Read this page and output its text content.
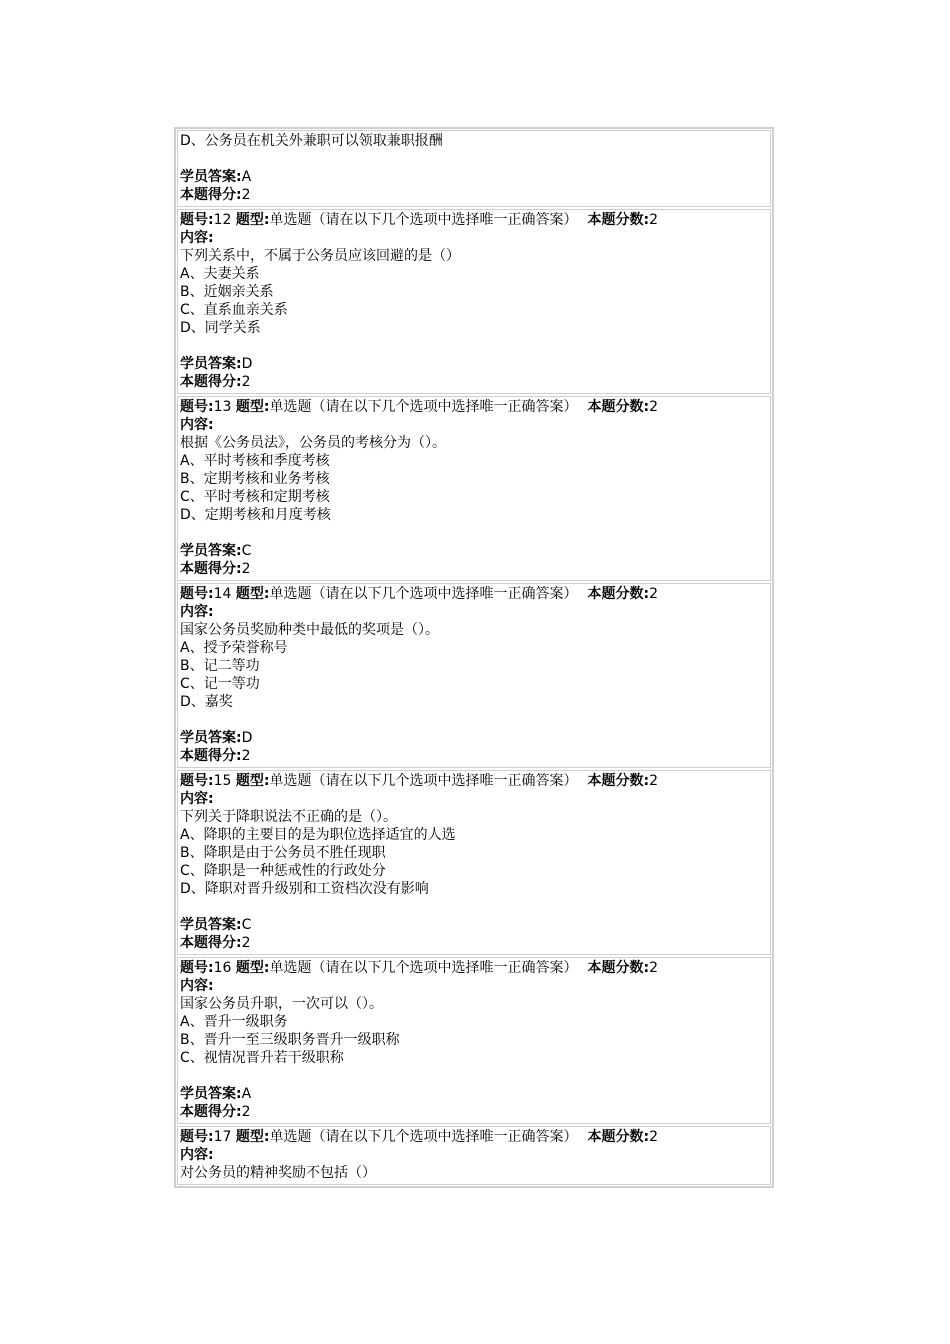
D、公务员在机关外兼职可以领取兼职报酬
学员答案:A
本题得分:2
题号:12 题型:单选题（请在以下几个选项中选择唯一正确答案） 本题分数:2
内容:
下列关系中，不属于公务员应该回避的是（）
A、夫妻关系
B、近姻亲关系
C、直系血亲关系
D、同学关系
学员答案:D
本题得分:2
题号:13 题型:单选题（请在以下几个选项中选择唯一正确答案） 本题分数:2
内容:
根据《公务员法》，公务员的考核分为（）。
A、平时考核和季度考核
B、定期考核和业务考核
C、平时考核和定期考核
D、定期考核和月度考核
学员答案:C
本题得分:2
题号:14 题型:单选题（请在以下几个选项中选择唯一正确答案） 本题分数:2
内容:
国家公务员奖励种类中最低的奖项是（）。
A、授予荣誉称号
B、记二等功
C、记一等功
D、嘉奖
学员答案:D
本题得分:2
题号:15 题型:单选题（请在以下几个选项中选择唯一正确答案） 本题分数:2
内容:
下列关于降职说法不正确的是（）。
A、降职的主要目的是为职位选择适宜的人选
B、降职是由于公务员不胜任现职
C、降职是一种惩戒性的行政处分
D、降职对晋升级别和工资档次没有影响
学员答案:C
本题得分:2
题号:16 题型:单选题（请在以下几个选项中选择唯一正确答案） 本题分数:2
内容:
国家公务员升职，一次可以（）。
A、晋升一级职务
B、晋升一至三级职务晋升一级职称
C、视情况晋升若干级职称
学员答案:A
本题得分:2
题号:17 题型:单选题（请在以下几个选项中选择唯一正确答案） 本题分数:2
内容:
对公务员的精神奖励不包括（）
